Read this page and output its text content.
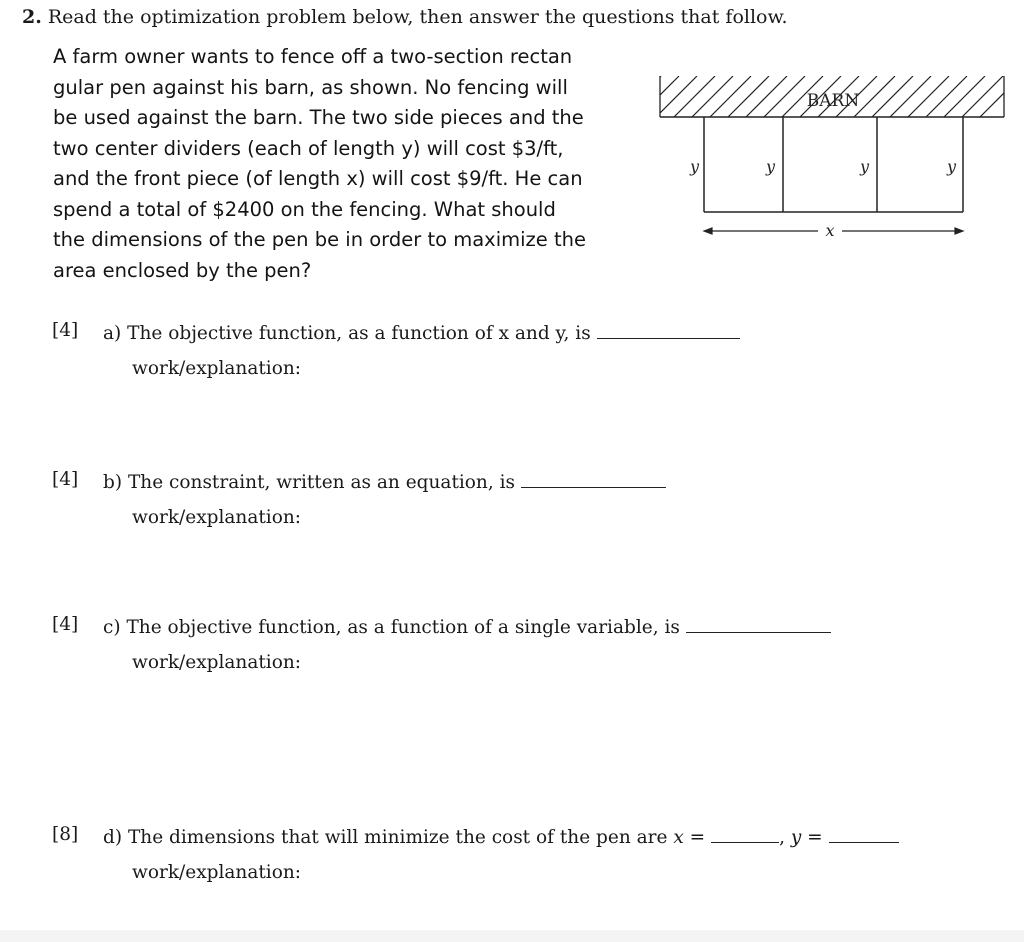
2. Read the optimization problem below, then answer the questions that follow.
A farm owner wants to fence off a two-section rectan
gular pen against his barn, as shown. No fencing will
be used against the barn. The two side pieces and the
two center dividers (each of length y) will cost $3/ft,
and the front piece (of length x) will cost $9/ft. He can
spend a total of $2400 on the fencing. What should
the dimensions of the pen be in order to maximize the
area enclosed by the pen?
BARN
y	y	y	y
x
[4] a) The objective function, as a function of x and y, is
work/explanation:
[4] b) The constraint, written as an equation, is
work/explanation:
[4] c) The objective function, as a function of a single variable, is
work/explanation:
[8] d) The dimensions that will minimize the cost of the pen are x =	, y =
work/explanation:
